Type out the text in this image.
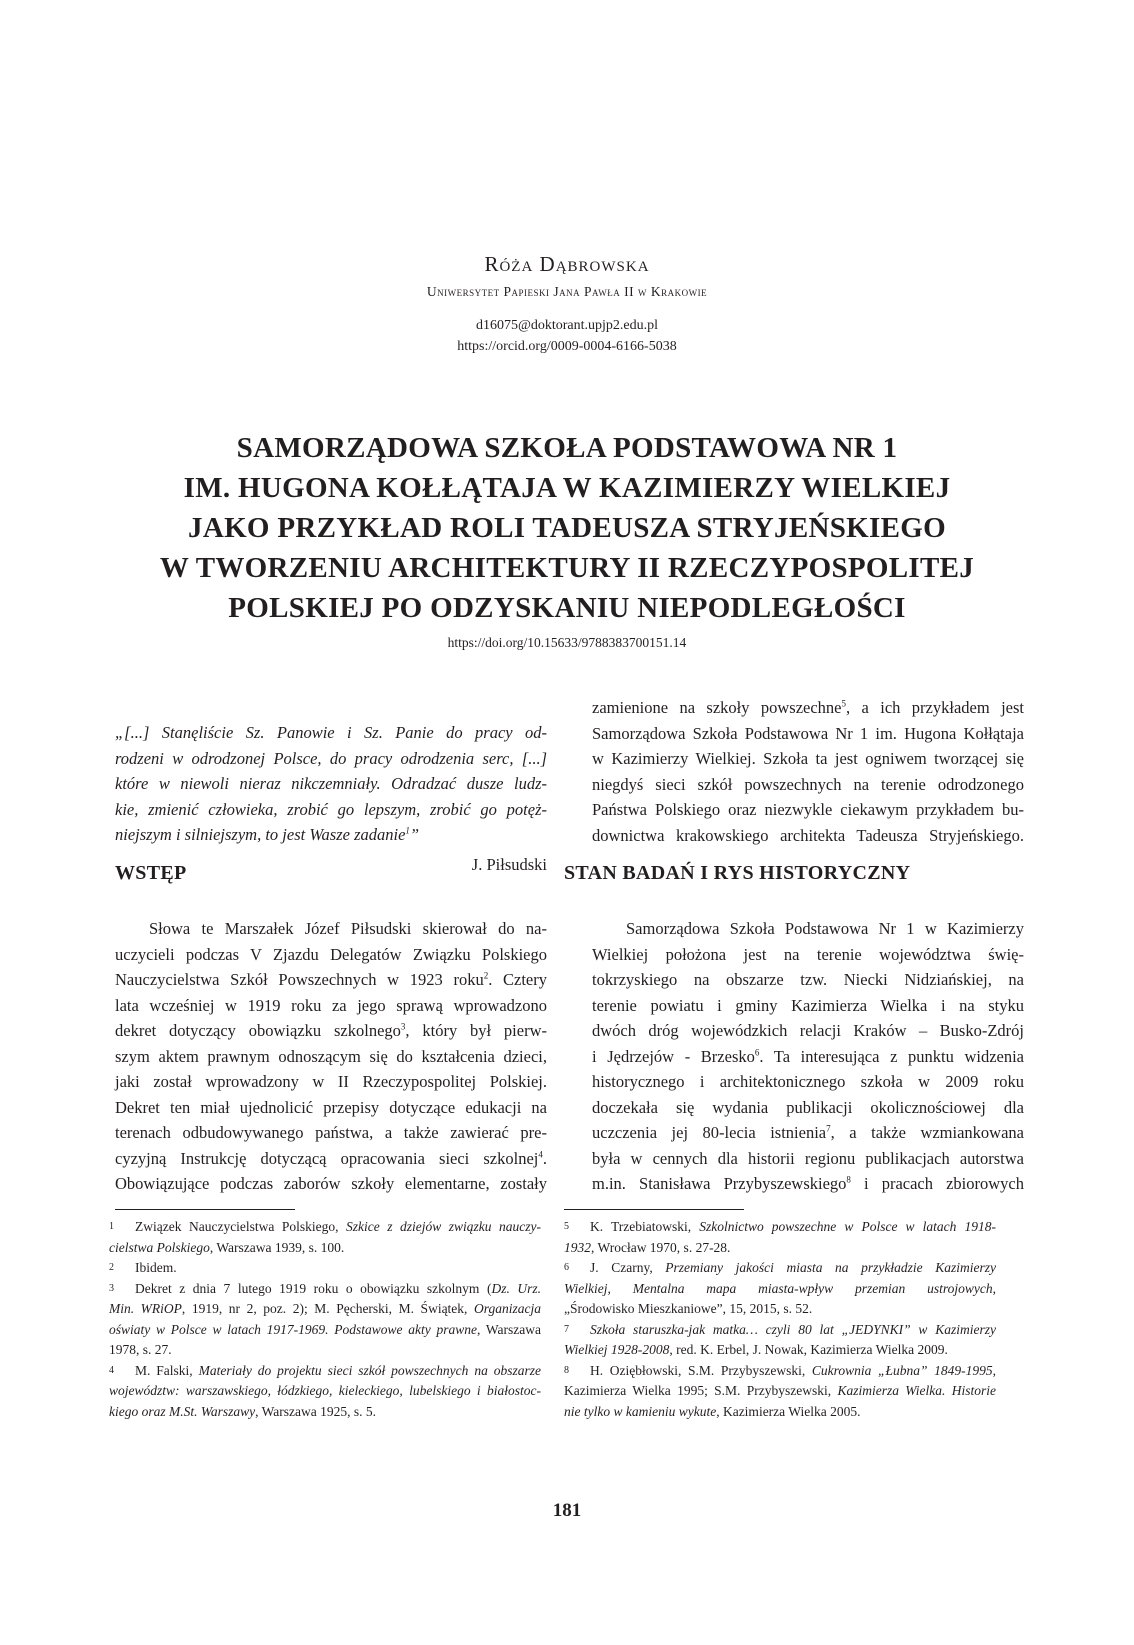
Róża Dąbrowska
Uniwersytet Papieski Jana Pawła II w Krakowie
d16075@doktorant.upjp2.edu.pl
https://orcid.org/0009-0004-6166-5038
SAMORZĄDOWA SZKOŁA PODSTAWOWA NR 1
IM. HUGONA KOŁŁĄTAJA W KAZIMIERZY WIELKIEJ
JAKO PRZYKŁAD ROLI TADEUSZA STRYJEŃSKIEGO
W TWORZENIU ARCHITEKTURY II RZECZYPOSPOLITEJ
POLSKIEJ PO ODZYSKANIU NIEPODLEGŁOŚCI
https://doi.org/10.15633/9788383700151.14
„[...] Stanęliście Sz. Panowie i Sz. Panie do pracy od-
rodzeni w odrodzonej Polsce, do pracy odrodzenia serc, [...]
które w niewoli nieraz nikczemniały. Odradzać dusze ludz-
kie, zmienić człowieka, zrobić go lepszym, zrobić go potęż-
niejszym i silniejszym, to jest Wasze zadanie$^1$”
J. Piłsudski
zamienione na szkoły powszechne$^5$, a ich przykładem jest
Samorządowa Szkoła Podstawowa Nr 1 im. Hugona Kołłątaja
w Kazimierzy Wielkiej. Szkoła ta jest ogniwem tworzącej się
niegdyś sieci szkół powszechnych na terenie odrodzonego
Państwa Polskiego oraz niezwykle ciekawym przykładem bu-
downictwa krakowskiego architekta Tadeusza Stryjeńskiego.
WSTĘP	STAN BADAŃ I RYS HISTORYCZNY
Słowa te Marszałek Józef Piłsudski skierował do na-
uczycieli podczas V Zjazdu Delegatów Związku Polskiego
Nauczycielstwa Szkół Powszechnych w 1923 roku$^2$. Cztery
lata wcześniej w 1919 roku za jego sprawą wprowadzono
dekret dotyczący obowiązku szkolnego$^3$, który był pierw-
szym aktem prawnym odnoszącym się do kształcenia dzieci,
jaki został wprowadzony w II Rzeczypospolitej Polskiej.
Dekret ten miał ujednolicić przepisy dotyczące edukacji na
terenach odbudowywanego państwa, a także zawierać pre-
cyzyjną Instrukcję dotyczącą opracowania sieci szkolnej$^4$.
Obowiązujące podczas zaborów szkoły elementarne, zostały
Samorządowa Szkoła Podstawowa Nr 1 w Kazimierzy
Wielkiej położona jest na terenie województwa świę-
tokrzyskiego na obszarze tzw. Niecki Nidziańskiej, na
terenie powiatu i gminy Kazimierza Wielka i na styku
dwóch dróg wojewódzkich relacji Kraków – Busko-Zdrój
i Jędrzejów - Brzesko$^6$. Ta interesująca z punktu widzenia
historycznego i architektonicznego szkoła w 2009 roku
doczekała się wydania publikacji okolicznościowej dla
uczczenia jej 80-lecia istnienia$^7$, a także wzmiankowana
była w cennych dla historii regionu publikacjach autorstwa
m.in. Stanisława Przybyszewskiego$^8$ i pracach zbiorowych
1 Związek Nauczycielstwa Polskiego, Szkice z dziejów związku nauczy-
cielstwa Polskiego, Warszawa 1939, s. 100.
2 Ibidem.
3 Dekret z dnia 7 lutego 1919 roku o obowiązku szkolnym (Dz. Urz.
Min. WRiOP, 1919, nr 2, poz. 2); M. Pęcherski, M. Świątek, Organizacja
oświaty w Polsce w latach 1917-1969. Podstawowe akty prawne, Warszawa
1978, s. 27.
4 M. Falski, Materiały do projektu sieci szkół powszechnych na obszarze
województw: warszawskiego, łódzkiego, kieleckiego, lubelskiego i białostoc-
kiego oraz M.St. Warszawy, Warszawa 1925, s. 5.
5 K. Trzebiatowski, Szkolnictwo powszechne w Polsce w latach 1918-
1932, Wrocław 1970, s. 27-28.
6 J. Czarny, Przemiany jakości miasta na przykładzie Kazimierzy
Wielkiej, Mentalna mapa miasta-wpływ przemian ustrojowych,
„Środowisko Mieszkaniowe”, 15, 2015, s. 52.
7 Szkoła staruszka-jak matka… czyli 80 lat „JEDYNKI” w Kazimierzy
Wielkiej 1928-2008, red. K. Erbel, J. Nowak, Kazimierza Wielka 2009.
8 H. Oziębłowski, S.M. Przybyszewski, Cukrownia „Łubna” 1849-1995,
Kazimierza Wielka 1995; S.M. Przybyszewski, Kazimierza Wielka. Historie
nie tylko w kamieniu wykute, Kazimierza Wielka 2005.
181
